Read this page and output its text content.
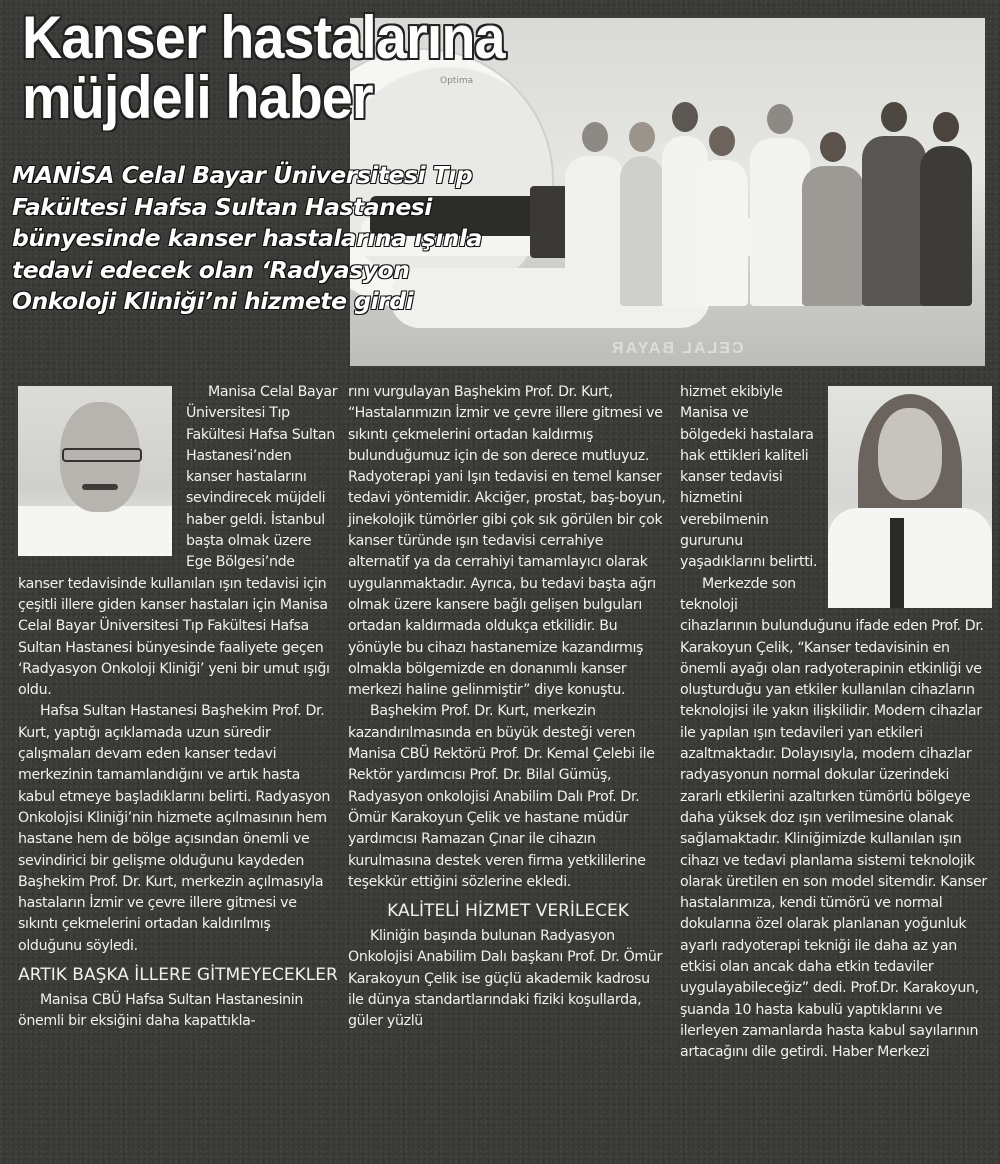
Optima
CELAL BAYAR
Kanser hastalarına
müjdeli haber

MANİSA Celal Bayar Üniversitesi Tıp Fakültesi Hafsa Sultan Hastanesi bünyesinde kanser hastalarına ışınla tedavi edecek olan ‘Radyasyon Onkoloji Kliniği’ni hizmete girdi

Manisa Celal Bayar Üniversitesi Tıp Fakültesi Hafsa Sultan Hastanesi’nden kanser hastalarını sevindirecek müjdeli haber geldi. İstanbul başta olmak üzere Ege Bölgesi’nde kanser tedavisinde kullanılan ışın tedavisi için çeşitli illere giden kanser hastaları için Manisa Celal Bayar Üniversitesi Tıp Fakültesi Hafsa Sultan Hastanesi bünyesinde faaliyete geçen ‘Radyasyon Onkoloji Kliniği’ yeni bir umut ışığı oldu.

Hafsa Sultan Hastanesi Başhekim Prof. Dr. Kurt, yaptığı açıklamada uzun süredir çalışmaları devam eden kanser tedavi merkezinin tamamlandığını ve artık hasta kabul etmeye başladıklarını belirti. Radyasyon Onkolojisi Kliniği’nin hizmete açılmasının hem hastane hem de bölge açısından önemli ve sevindirici bir gelişme olduğunu kaydeden Başhekim Prof. Dr. Kurt, merkezin açılmasıyla hastaların İzmir ve çevre illere gitmesi ve sıkıntı çekmelerini ortadan kaldırılmış olduğunu söyledi.

ARTIK BAŞKA İLLERE GİTMEYECEKLER

Manisa CBÜ Hafsa Sultan Hastanesinin önemli bir eksiğini daha kapattıkla-

rını vurgulayan Başhekim Prof. Dr. Kurt, “Hastalarımızın İzmir ve çevre illere gitmesi ve sıkıntı çekmelerini ortadan kaldırmış bulunduğumuz için de son derece mutluyuz. Radyoterapi yani Işın tedavisi en temel kanser tedavi yöntemidir. Akciğer, prostat, baş-boyun, jinekolojik tümörler gibi çok sık görülen bir çok kanser türünde ışın tedavisi cerrahiye alternatif ya da cerrahiyi tamamlayıcı olarak uygulanmaktadır. Ayrıca, bu tedavi başta ağrı olmak üzere kansere bağlı gelişen bulguları ortadan kaldırmada oldukça etkilidir. Bu yönüyle bu cihazı hastanemize kazandırmış olmakla bölgemizde en donanımlı kanser merkezi haline gelinmiştir” diye konuştu.

Başhekim Prof. Dr. Kurt, merkezin kazandırılmasında en büyük desteği veren Manisa CBÜ Rektörü Prof. Dr. Kemal Çelebi ile Rektör yardımcısı Prof. Dr. Bilal Gümüş, Radyasyon onkolojisi Anabilim Dalı Prof. Dr. Ömür Karakoyun Çelik ve hastane müdür yardımcısı Ramazan Çınar ile cihazın kurulmasına destek veren firma yetkililerine teşekkür ettiğini sözlerine ekledi.

KALİTELİ HİZMET VERİLECEK

Kliniğin başında bulunan Radyasyon Onkolojisi Anabilim Dalı başkanı Prof. Dr. Ömür Karakoyun Çelik ise güçlü akademik kadrosu ile dünya standartlarındaki fiziki koşullarda, güler yüzlü

hizmet ekibiyle Manisa ve bölgedeki hastalara hak ettikleri kaliteli kanser tedavisi hizmetini verebilmenin gururunu yaşadıklarını belirtti.

Merkezde son teknoloji cihazlarının bulunduğunu ifade eden Prof. Dr. Karakoyun Çelik, “Kanser tedavisinin en önemli ayağı olan radyoterapinin etkinliği ve oluşturduğu yan etkiler kullanılan cihazların teknolojisi ile yakın ilişkilidir. Modern cihazlar ile yapılan ışın tedavileri yan etkileri azaltmaktadır. Dolayısıyla, modern cihazlar radyasyonun normal dokular üzerindeki zararlı etkilerini azaltırken tümörlü bölgeye daha yüksek doz ışın verilmesine olanak sağlamaktadır. Kliniğimizde kullanılan ışın cihazı ve tedavi planlama sistemi teknolojik olarak üretilen en son model sitemdir. Kanser hastalarımıza, kendi tümörü ve normal dokularına özel olarak planlanan yoğunluk ayarlı radyoterapi tekniği ile daha az yan etkisi olan ancak daha etkin tedaviler uygulayabileceğiz” dedi. Prof.Dr. Karakoyun, şuanda 10 hasta kabulü yaptıklarını ve ilerleyen zamanlarda hasta kabul sayılarının artacağını dile getirdi. Haber Merkezi
